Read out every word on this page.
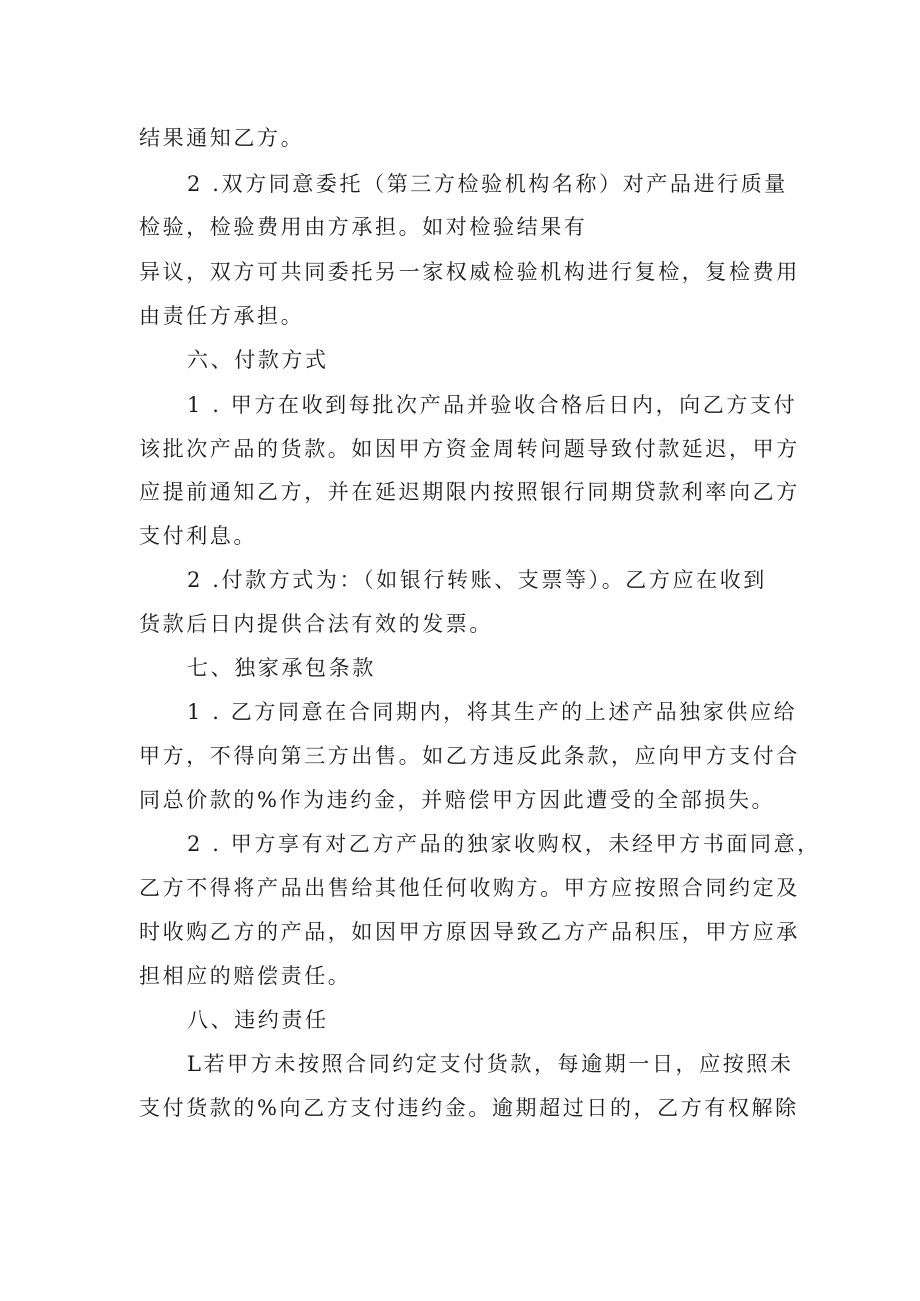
结果通知乙方。
2 .双方同意委托（第三方检验机构名称）对产品进行质量
检验，检验费用由方承担。如对检验结果有
异议，双方可共同委托另一家权威检验机构进行复检，复检费用
由责任方承担。
六、付款方式
1 . 甲方在收到每批次产品并验收合格后日内，向乙方支付
该批次产品的货款。如因甲方资金周转问题导致付款延迟，甲方
应提前通知乙方，并在延迟期限内按照银行同期贷款利率向乙方
支付利息。
2 .付款方式为：（如银行转账、支票等）。乙方应在收到
货款后日内提供合法有效的发票。
七、独家承包条款
1 . 乙方同意在合同期内，将其生产的上述产品独家供应给
甲方，不得向第三方出售。如乙方违反此条款，应向甲方支付合
同总价款的%作为违约金，并赔偿甲方因此遭受的全部损失。
2 . 甲方享有对乙方产品的独家收购权，未经甲方书面同意，
乙方不得将产品出售给其他任何收购方。甲方应按照合同约定及
时收购乙方的产品，如因甲方原因导致乙方产品积压，甲方应承
担相应的赔偿责任。
八、违约责任
L若甲方未按照合同约定支付货款，每逾期一日，应按照未
支付货款的%向乙方支付违约金。逾期超过日的，乙方有权解除
